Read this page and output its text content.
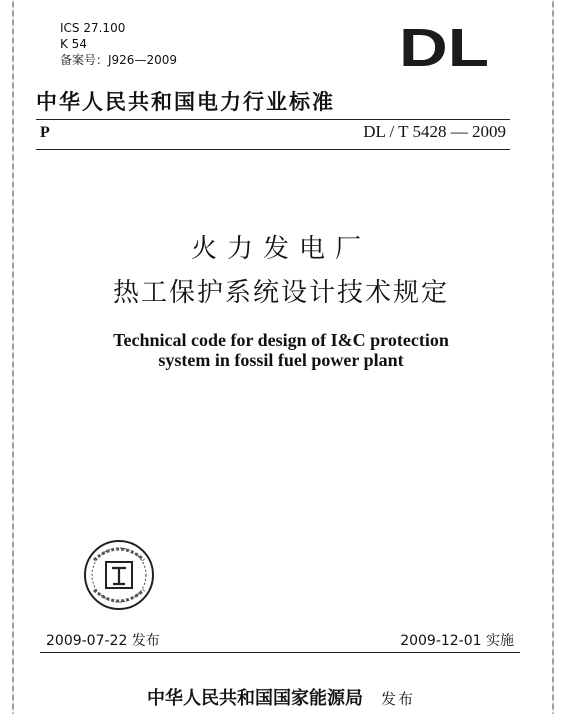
ICS 27.100
K 54
备案号：J926—2009	DL
中华人民共和国电力行业标准
P	DL / T 5428 — 2009
火力发电厂
热工保护系统设计技术规定
Technical code for design of I&C protection
system in fossil fuel power plant
2009-07-22 发布	2009-12-01 实施
中华人民共和国国家能源局 发布
